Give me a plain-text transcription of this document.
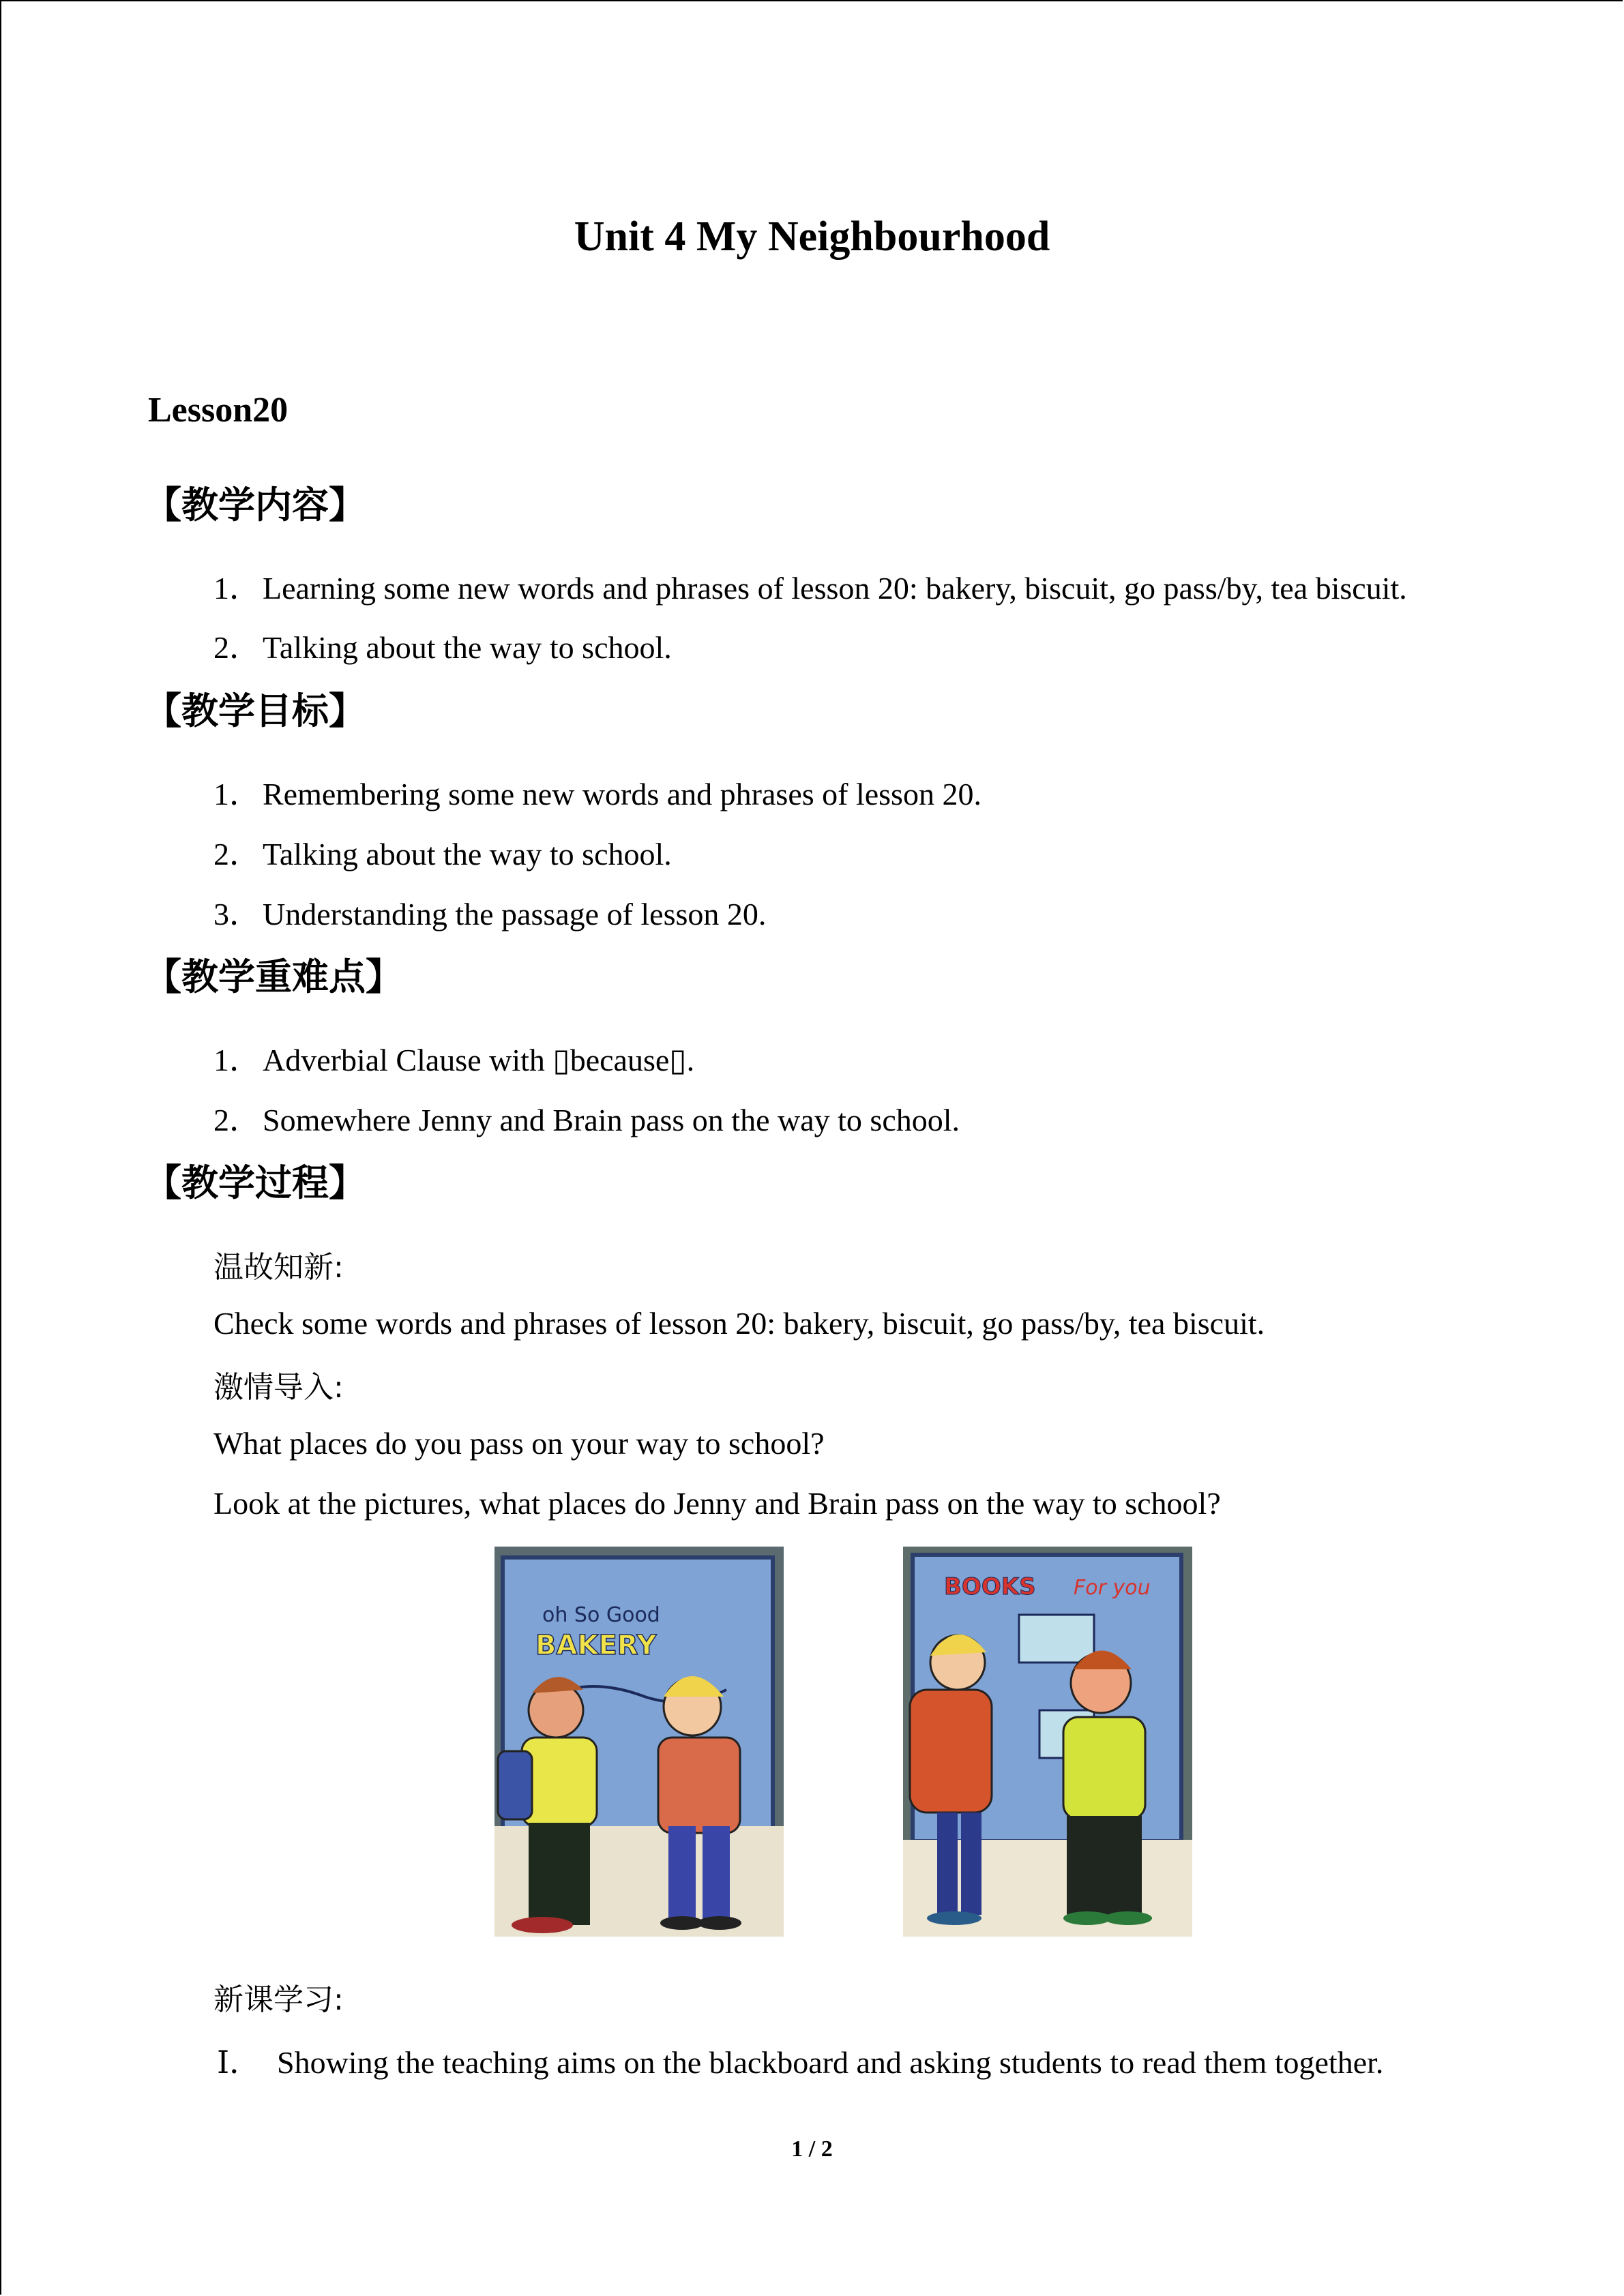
Unit 4 My Neighbourhood
Lesson20
【教学内容】
1．Learning some new words and phrases of lesson 20: bakery, biscuit, go pass/by, tea biscuit.
2．Talking about the way to school.
【教学目标】
1．Remembering some new words and phrases of lesson 20.
2．Talking about the way to school.
3．Understanding the passage of lesson 20.
【教学重难点】
1．Adverbial Clause with ▯because▯.
2．Somewhere Jenny and Brain pass on the way to school.
【教学过程】
温故知新:
Check some words and phrases of lesson 20: bakery, biscuit, go pass/by, tea biscuit.
激情导入:
What places do you pass on your way to school?
Look at the pictures, what places do Jenny and Brain pass on the way to school?
oh So Good
BAKERY
BOOKS For you
新课学习:
Ⅰ． Showing the teaching aims on the blackboard and asking students to read them together.
1 / 2
